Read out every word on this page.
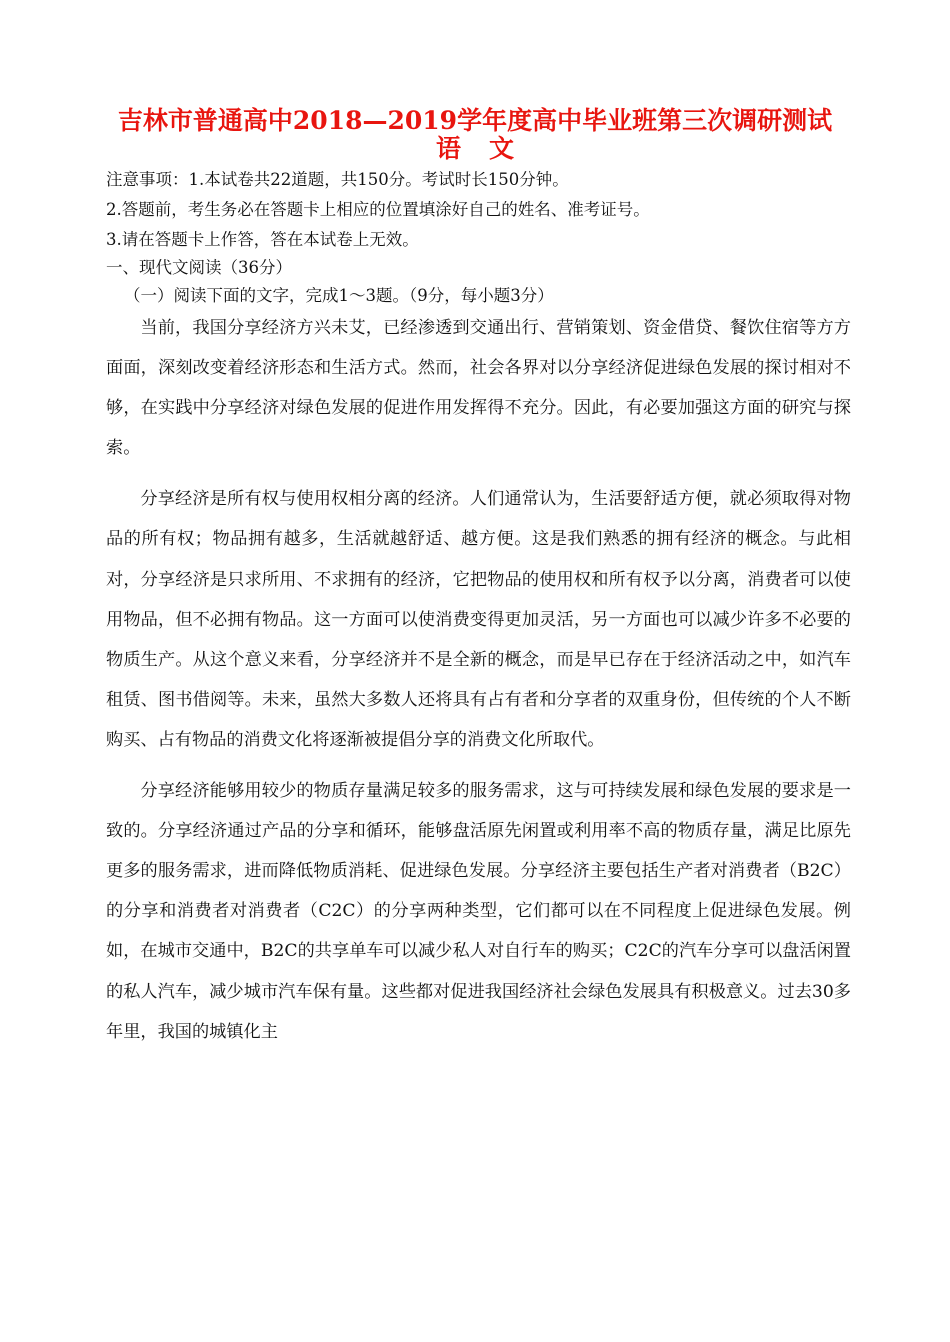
吉林市普通高中2018—2019学年度高中毕业班第三次调研测试
语文
注意事项：1.本试卷共22道题，共150分。考试时长150分钟。
2.答题前，考生务必在答题卡上相应的位置填涂好自己的姓名、准考证号。
3.请在答题卡上作答，答在本试卷上无效。
一、现代文阅读（36分）
（一）阅读下面的文字，完成1～3题。（9分，每小题3分）

当前，我国分享经济方兴未艾，已经渗透到交通出行、营销策划、资金借贷、餐饮住宿等方方面面，深刻改变着经济形态和生活方式。然而，社会各界对以分享经济促进绿色发展的探讨相对不够，在实践中分享经济对绿色发展的促进作用发挥得不充分。因此，有必要加强这方面的研究与探索。

分享经济是所有权与使用权相分离的经济。人们通常认为，生活要舒适方便，就必须取得对物品的所有权；物品拥有越多，生活就越舒适、越方便。这是我们熟悉的拥有经济的概念。与此相对，分享经济是只求所用、不求拥有的经济，它把物品的使用权和所有权予以分离，消费者可以使用物品，但不必拥有物品。这一方面可以使消费变得更加灵活，另一方面也可以减少许多不必要的物质生产。从这个意义来看，分享经济并不是全新的概念，而是早已存在于经济活动之中，如汽车租赁、图书借阅等。未来，虽然大多数人还将具有占有者和分享者的双重身份，但传统的个人不断购买、占有物品的消费文化将逐渐被提倡分享的消费文化所取代。

分享经济能够用较少的物质存量满足较多的服务需求，这与可持续发展和绿色发展的要求是一致的。分享经济通过产品的分享和循环，能够盘活原先闲置或利用率不高的物质存量，满足比原先更多的服务需求，进而降低物质消耗、促进绿色发展。分享经济主要包括生产者对消费者（B2C）的分享和消费者对消费者（C2C）的分享两种类型，它们都可以在不同程度上促进绿色发展。例如，在城市交通中，B2C的共享单车可以减少私人对自行车的购买；C2C的汽车分享可以盘活闲置的私人汽车，减少城市汽车保有量。这些都对促进我国经济社会绿色发展具有积极意义。过去30多年里，我国的城镇化主
